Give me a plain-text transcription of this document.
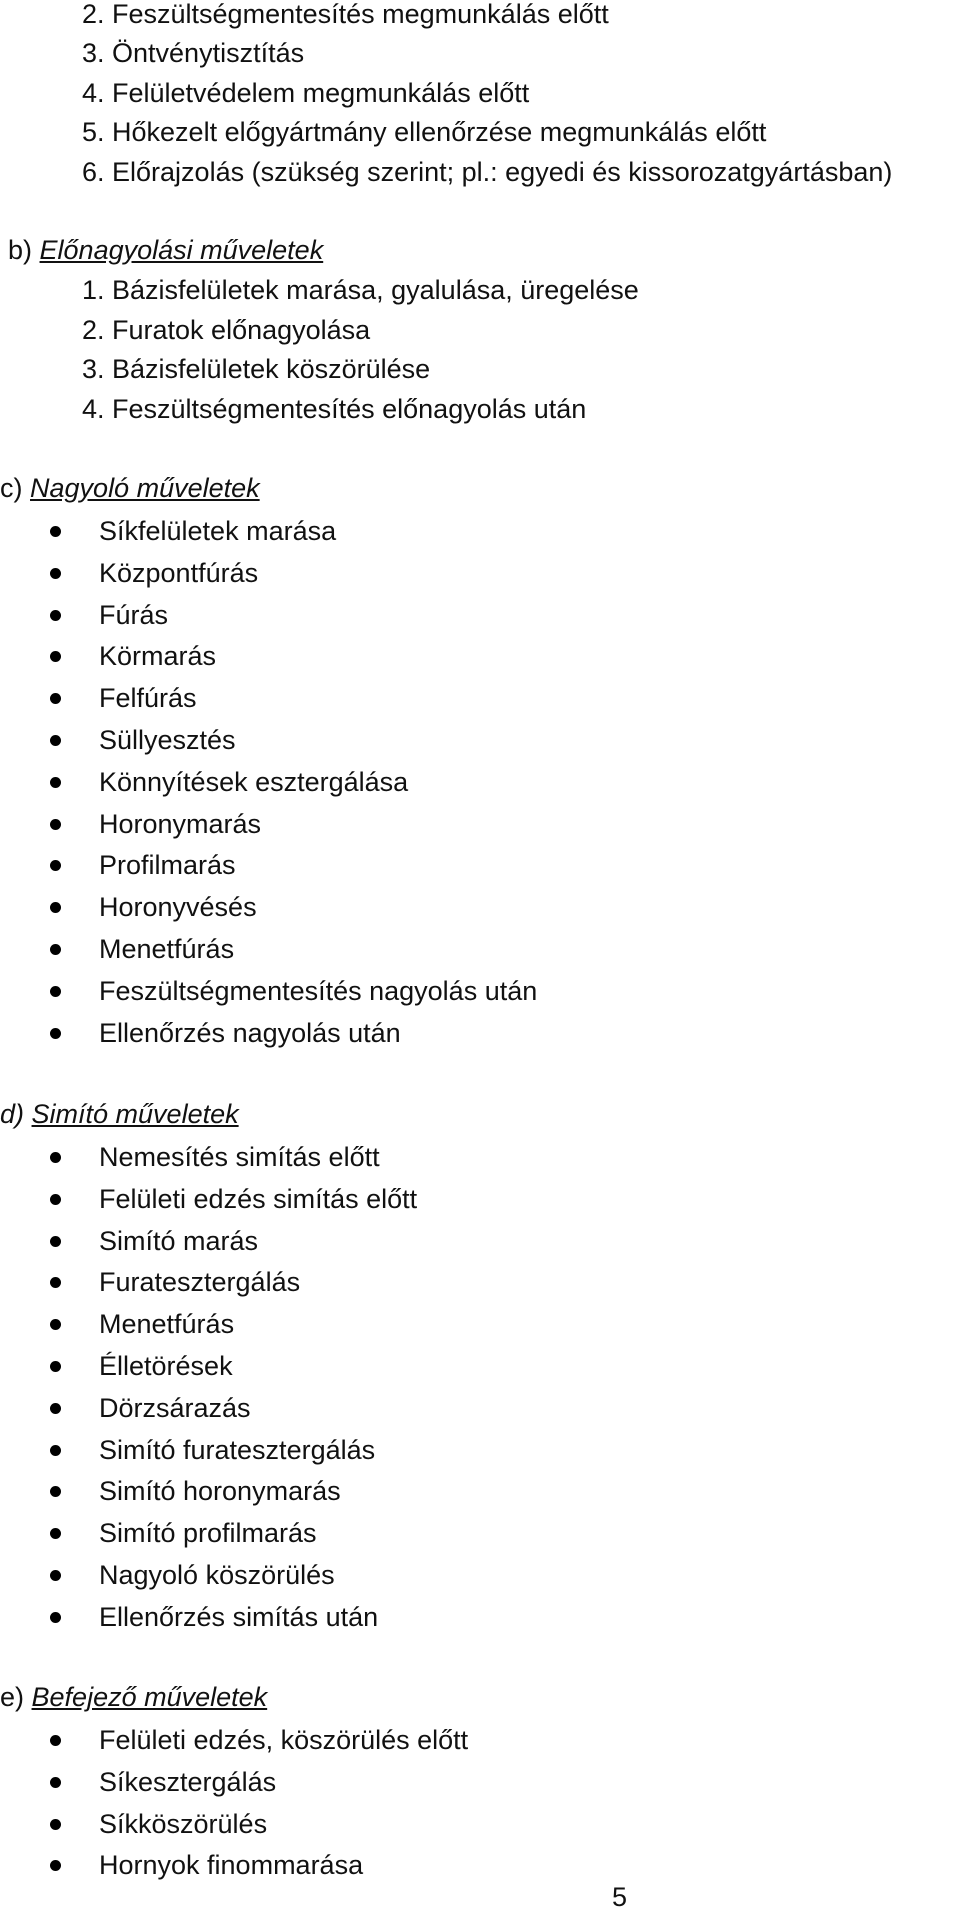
2. Feszültségmentesítés megmunkálás előtt
3. Öntvénytisztítás
4. Felületvédelem megmunkálás előtt
5. Hőkezelt előgyártmány ellenőrzése megmunkálás előtt
6. Előrajzolás (szükség szerint; pl.: egyedi és kissorozatgyártásban)
b) Előnagyolási műveletek
1. Bázisfelületek marása, gyalulása, üregelése
2. Furatok előnagyolása
3. Bázisfelületek köszörülése
4. Feszültségmentesítés előnagyolás után
c) Nagyoló műveletek
Síkfelületek marása
Központfúrás
Fúrás
Körmarás
Felfúrás
Süllyesztés
Könnyítések esztergálása
Horonymarás
Profilmarás
Horonyvésés
Menetfúrás
Feszültségmentesítés nagyolás után
Ellenőrzés nagyolás után
d) Simító műveletek
Nemesítés simítás előtt
Felületi edzés simítás előtt
Simító marás
Furatesztergálás
Menetfúrás
Élletörések
Dörzsárazás
Simító furatesztergálás
Simító horonymarás
Simító profilmarás
Nagyoló köszörülés
Ellenőrzés simítás után
e) Befejező műveletek
Felületi edzés, köszörülés előtt
Síkesztergálás
Síkköszörülés
Hornyok finommarása
5
